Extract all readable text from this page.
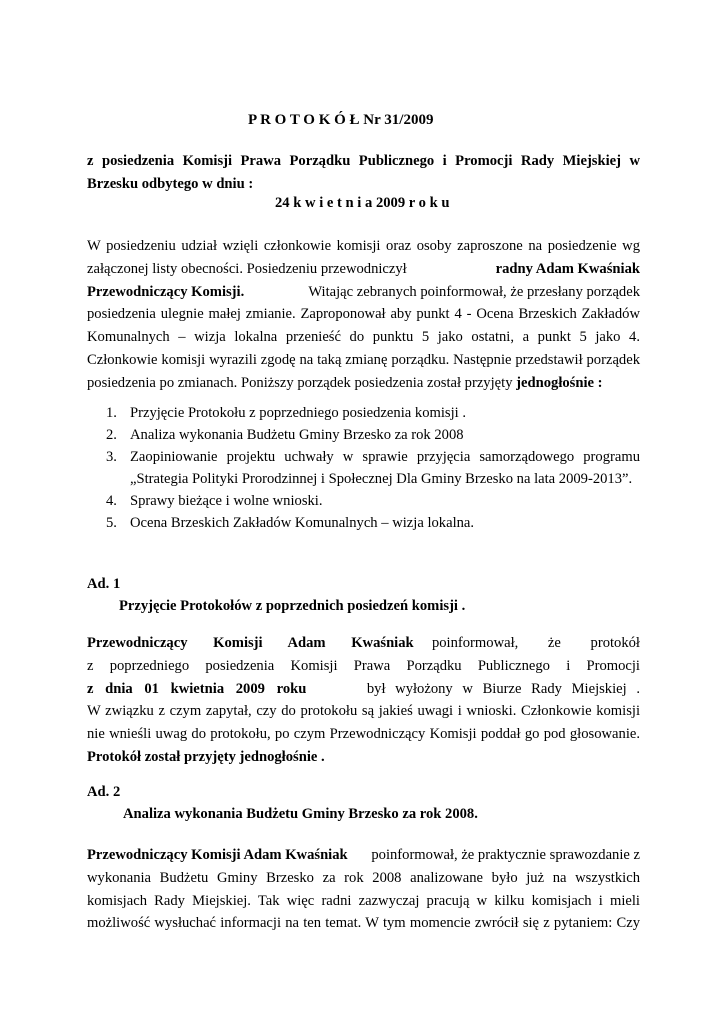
P R O T O K Ó Ł Nr 31/2009
z posiedzenia Komisji Prawa Porządku Publicznego i Promocji Rady Miejskiej w
Brzesku odbytego w dniu :
24 k w i e t n i a 2009 r o k u
W posiedzeniu udział wzięli członkowie komisji oraz osoby zaproszone na posiedzenie wg
załączonej listy obecności. Posiedzeniu przewodniczył	radny Adam Kwaśniak
Przewodniczący Komisji.	Witając zebranych poinformował, że przesłany porządek
posiedzenia ulegnie małej zmianie. Zaproponował aby punkt 4 - Ocena Brzeskich Zakładów
Komunalnych – wizja lokalna przenieść do punktu 5 jako ostatni, a punkt 5 jako 4.
Członkowie komisji wyrazili zgodę na taką zmianę porządku. Następnie przedstawił porządek
posiedzenia po zmianach. Poniższy porządek posiedzenia został przyjęty jednogłośnie :
1. Przyjęcie Protokołu z poprzedniego posiedzenia komisji .
2. Analiza wykonania Budżetu Gminy Brzesko za rok 2008
3. Zaopiniowanie projektu uchwały w sprawie przyjęcia samorządowego programu
„Strategia Polityki Prorodzinnej i Społecznej Dla Gminy Brzesko na lata 2009-2013”.
4. Sprawy bieżące i wolne wnioski.
5. Ocena Brzeskich Zakładów Komunalnych – wizja lokalna.
Ad. 1
Przyjęcie Protokołów z poprzednich posiedzeń komisji .
Przewodniczący Komisji Adam Kwaśniak poinformował, że protokół
z poprzedniego posiedzenia Komisji Prawa Porządku Publicznego i Promocji
z dnia 01 kwietnia 2009 roku	był wyłożony w Biurze Rady Miejskiej .
W związku z czym zapytał, czy do protokołu są jakieś uwagi i wnioski. Członkowie komisji
nie wnieśli uwag do protokołu, po czym Przewodniczący Komisji poddał go pod głosowanie.
Protokół został przyjęty jednogłośnie .
Ad. 2
Analiza wykonania Budżetu Gminy Brzesko za rok 2008.
Przewodniczący Komisji Adam Kwaśniak poinformował, że praktycznie sprawozdanie z
wykonania Budżetu Gminy Brzesko za rok 2008 analizowane było już na wszystkich
komisjach Rady Miejskiej. Tak więc radni zazwyczaj pracują w kilku komisjach i mieli
możliwość wysłuchać informacji na ten temat. W tym momencie zwrócił się z pytaniem: Czy
